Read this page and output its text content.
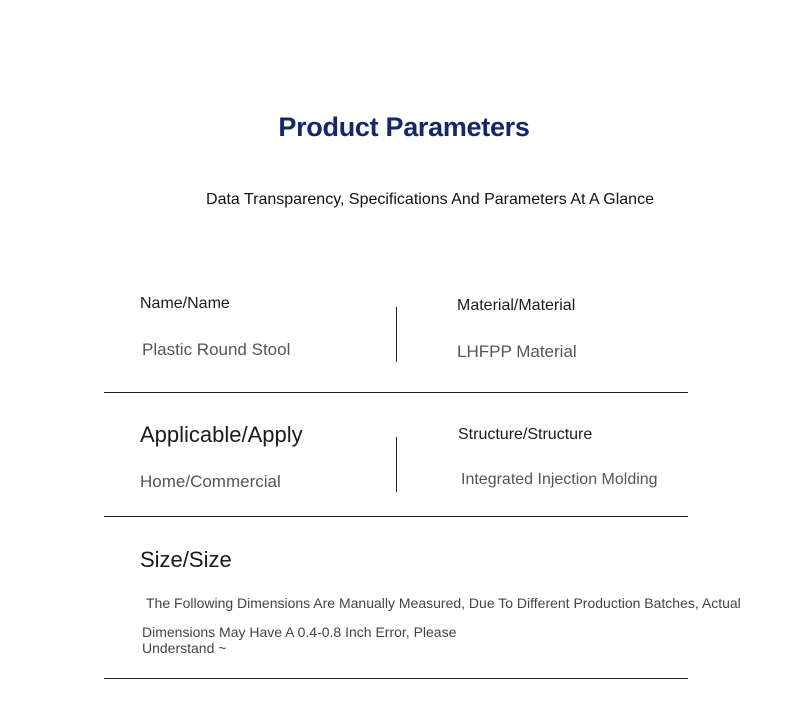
Product Parameters
Data Transparency, Specifications And Parameters At A Glance
Name/Name
Plastic Round Stool
Material/Material
LHFPP Material
Applicable/Apply
Home/Commercial
Structure/Structure
Integrated Injection Molding
Size/Size
The Following Dimensions Are Manually Measured, Due To Different Production Batches, Actual
Dimensions May Have A 0.4-0.8 Inch Error, Please
Understand ~
